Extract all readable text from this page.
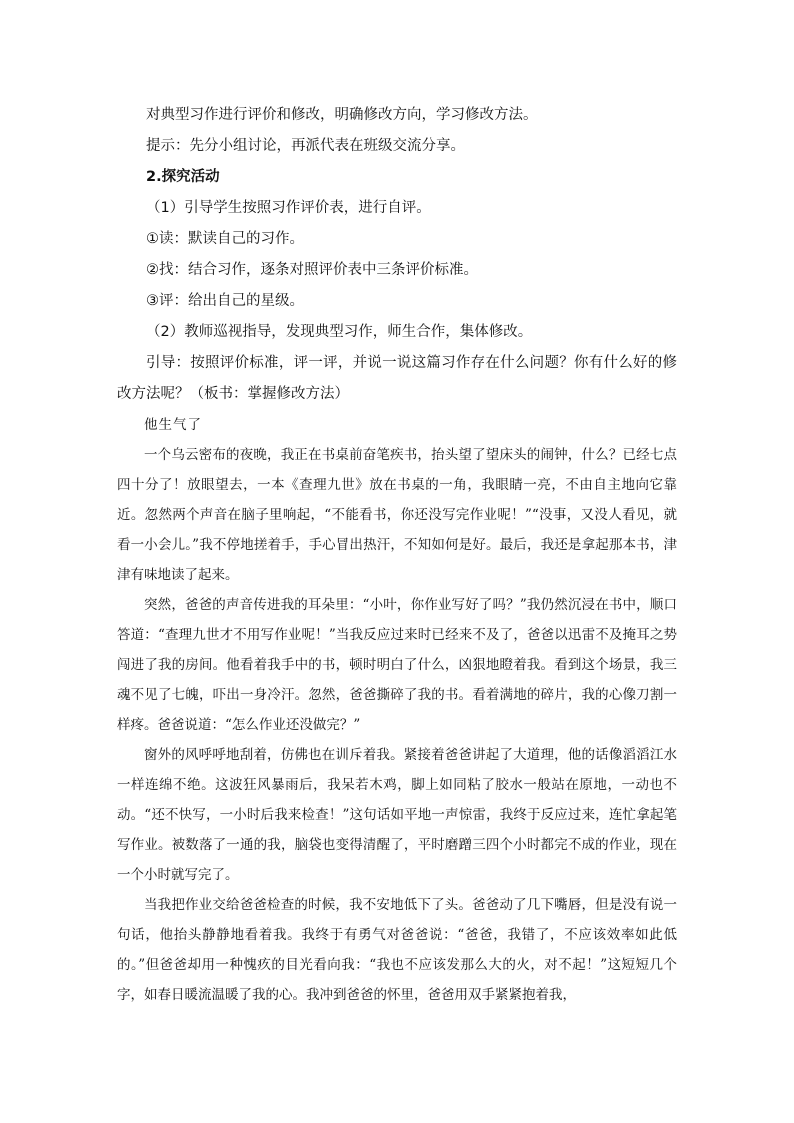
对典型习作进行评价和修改，明确修改方向，学习修改方法。

提示：先分小组讨论，再派代表在班级交流分享。

2.探究活动

（1）引导学生按照习作评价表，进行自评。

①读：默读自己的习作。

②找：结合习作，逐条对照评价表中三条评价标准。

③评：给出自己的星级。

（2）教师巡视指导，发现典型习作，师生合作，集体修改。

引导：按照评价标准，评一评，并说一说这篇习作存在什么问题？你有什么好的修改方法呢？（板书：掌握修改方法）

他生气了

一个乌云密布的夜晚，我正在书桌前奋笔疾书，抬头望了望床头的闹钟，什么？已经七点四十分了！放眼望去，一本《查理九世》放在书桌的一角，我眼睛一亮，不由自主地向它靠近。忽然两个声音在脑子里响起，“不能看书，你还没写完作业呢！”“没事，又没人看见，就看一小会儿。”我不停地搓着手，手心冒出热汗，不知如何是好。最后，我还是拿起那本书，津津有味地读了起来。

突然，爸爸的声音传进我的耳朵里：“小叶，你作业写好了吗？”我仍然沉浸在书中，顺口答道：“查理九世才不用写作业呢！”当我反应过来时已经来不及了，爸爸以迅雷不及掩耳之势闯进了我的房间。他看着我手中的书，顿时明白了什么，凶狠地瞪着我。看到这个场景，我三魂不见了七魄，吓出一身冷汗。忽然，爸爸撕碎了我的书。看着满地的碎片，我的心像刀割一样疼。爸爸说道：“怎么作业还没做完？”

窗外的风呼呼地刮着，仿佛也在训斥着我。紧接着爸爸讲起了大道理，他的话像滔滔江水一样连绵不绝。这波狂风暴雨后，我呆若木鸡，脚上如同粘了胶水一般站在原地，一动也不动。“还不快写，一小时后我来检查！”这句话如平地一声惊雷，我终于反应过来，连忙拿起笔写作业。被数落了一通的我，脑袋也变得清醒了，平时磨蹭三四个小时都完不成的作业，现在一个小时就写完了。

当我把作业交给爸爸检查的时候，我不安地低下了头。爸爸动了几下嘴唇，但是没有说一句话，他抬头静静地看着我。我终于有勇气对爸爸说：“爸爸，我错了，不应该效率如此低的。”但爸爸却用一种愧疚的目光看向我：“我也不应该发那么大的火，对不起！”这短短几个字，如春日暖流温暖了我的心。我冲到爸爸的怀里，爸爸用双手紧紧抱着我，
